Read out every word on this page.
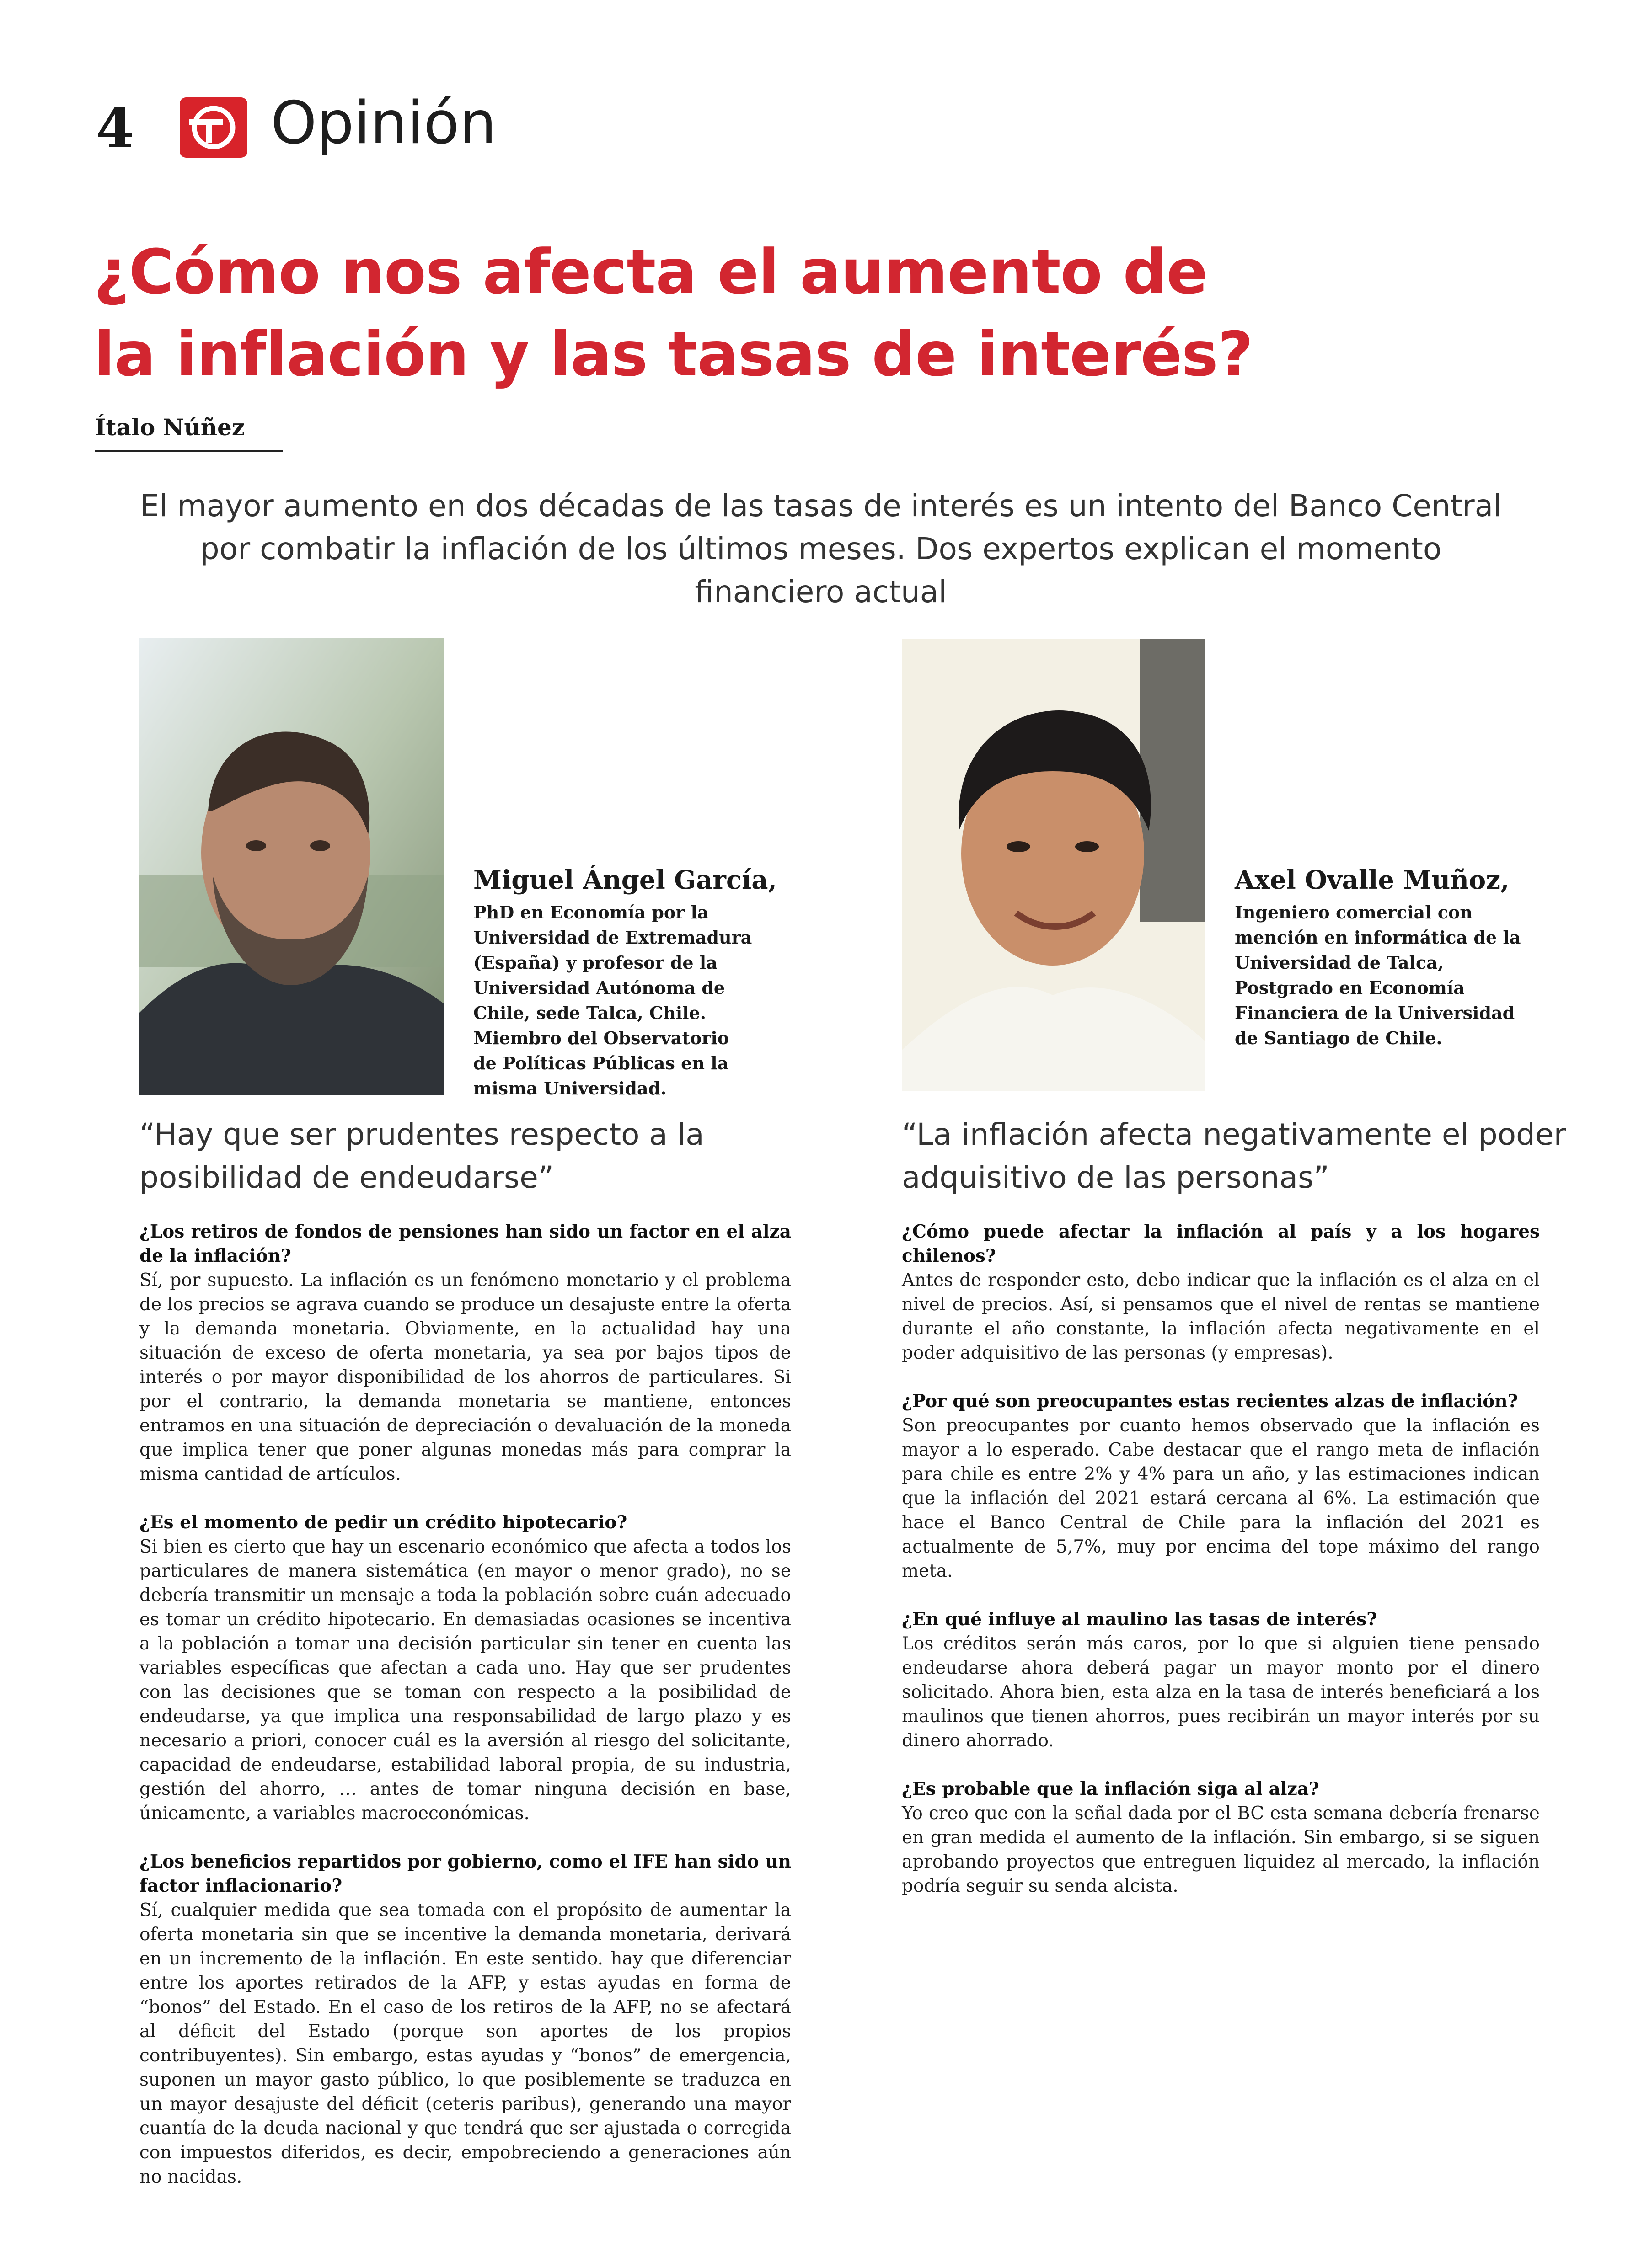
4 Opinión
¿Cómo nos afecta el aumento de
la inflación y las tasas de interés?
Ítalo Núñez
El mayor aumento en dos décadas de las tasas de interés es un intento del Banco Central por combatir la inflación de los últimos meses. Dos expertos explican el momento financiero actual
Miguel Ángel García,
PhD en Economía por la Universidad de Extremadura (España) y profesor de la Universidad Autónoma de Chile, sede Talca, Chile. Miembro del Observatorio de Políticas Públicas en la misma Universidad.
Axel Ovalle Muñoz,
Ingeniero comercial con mención en informática de la Universidad de Talca, Postgrado en Economía Financiera de la Universidad de Santiago de Chile.
“Hay que ser prudentes respecto a la posibilidad de endeudarse”
“La inflación afecta negativamente el poder adquisitivo de las personas”
¿Los retiros de fondos de pensiones han sido un factor en el alza de la inflación?
Sí, por supuesto. La inflación es un fenómeno monetario y el problema de los precios se agrava cuando se produce un desajuste entre la oferta y la demanda monetaria. Obviamente, en la actualidad hay una situación de exceso de oferta monetaria, ya sea por bajos tipos de interés o por mayor disponibilidad de los ahorros de particulares. Si por el contrario, la demanda monetaria se mantiene, entonces entramos en una situación de depreciación o devaluación de la moneda que implica tener que poner algunas monedas más para comprar la misma cantidad de artículos.
¿Es el momento de pedir un crédito hipotecario?
Si bien es cierto que hay un escenario económico que afecta a todos los particulares de manera sistemática (en mayor o menor grado), no se debería transmitir un mensaje a toda la población sobre cuán adecuado es tomar un crédito hipotecario. En demasiadas ocasiones se incentiva a la población a tomar una decisión particular sin tener en cuenta las variables específicas que afectan a cada uno. Hay que ser prudentes con las decisiones que se toman con respecto a la posibilidad de endeudarse, ya que implica una responsabilidad de largo plazo y es necesario a priori, conocer cuál es la aversión al riesgo del solicitante, capacidad de endeudarse, estabilidad laboral propia, de su industria, gestión del ahorro, … antes de tomar ninguna decisión en base, únicamente, a variables macroeconómicas.
¿Los beneficios repartidos por gobierno, como el IFE han sido un factor inflacionario?
Sí, cualquier medida que sea tomada con el propósito de aumentar la oferta monetaria sin que se incentive la demanda monetaria, derivará en un incremento de la inflación. En este sentido. hay que diferenciar entre los aportes retirados de la AFP, y estas ayudas en forma de “bonos” del Estado. En el caso de los retiros de la AFP, no se afectará al déficit del Estado (porque son aportes de los propios contribuyentes). Sin embargo, estas ayudas y “bonos” de emergencia, suponen un mayor gasto público, lo que posiblemente se traduzca en un mayor desajuste del déficit (ceteris paribus), generando una mayor cuantía de la deuda nacional y que tendrá que ser ajustada o corregida con impuestos diferidos, es decir, empobreciendo a generaciones aún no nacidas.
¿Cómo puede afectar la inflación al país y a los hogares chilenos?
Antes de responder esto, debo indicar que la inflación es el alza en el nivel de precios. Así, si pensamos que el nivel de rentas se mantiene durante el año constante, la inflación afecta negativamente en el poder adquisitivo de las personas (y empresas).
¿Por qué son preocupantes estas recientes alzas de inflación?
Son preocupantes por cuanto hemos observado que la inflación es mayor a lo esperado. Cabe destacar que el rango meta de inflación para chile es entre 2% y 4% para un año, y las estimaciones indican que la inflación del 2021 estará cercana al 6%. La estimación que hace el Banco Central de Chile para la inflación del 2021 es actualmente de 5,7%, muy por encima del tope máximo del rango meta.
¿En qué influye al maulino las tasas de interés?
Los créditos serán más caros, por lo que si alguien tiene pensado endeudarse ahora deberá pagar un mayor monto por el dinero solicitado. Ahora bien, esta alza en la tasa de interés beneficiará a los maulinos que tienen ahorros, pues recibirán un mayor interés por su dinero ahorrado.
¿Es probable que la inflación siga al alza?
Yo creo que con la señal dada por el BC esta semana debería frenarse en gran medida el aumento de la inflación. Sin embargo, si se siguen aprobando proyectos que entreguen liquidez al mercado, la inflación podría seguir su senda alcista.
